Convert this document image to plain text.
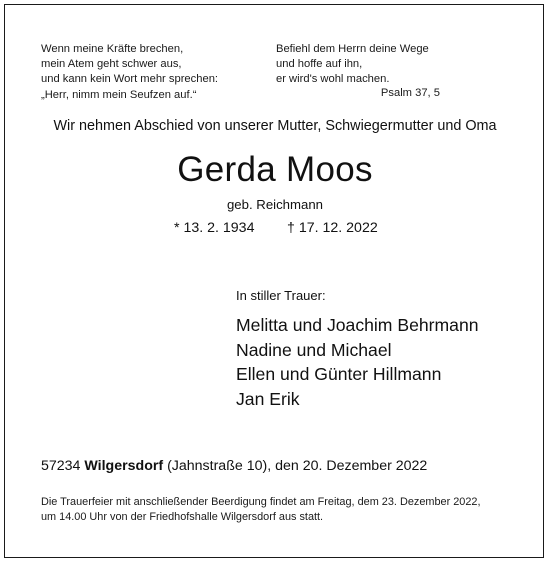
Wenn meine Kräfte brechen,
mein Atem geht schwer aus,
und kann kein Wort mehr sprechen:
„Herr, nimm mein Seufzen auf.“
Befiehl dem Herrn deine Wege
und hoffe auf ihn,
er wird's wohl machen.
Psalm 37, 5
Wir nehmen Abschied von unserer Mutter, Schwiegermutter und Oma
Gerda Moos
geb. Reichmann
* 13. 2. 1934 † 17. 12. 2022
In stiller Trauer:
Melitta und Joachim Behrmann
Nadine und Michael
Ellen und Günter Hillmann
Jan Erik
57234 Wilgersdorf (Jahnstraße 10), den 20. Dezember 2022
Die Trauerfeier mit anschließender Beerdigung findet am Freitag, dem 23. Dezember 2022,
um 14.00 Uhr von der Friedhofshalle Wilgersdorf aus statt.
